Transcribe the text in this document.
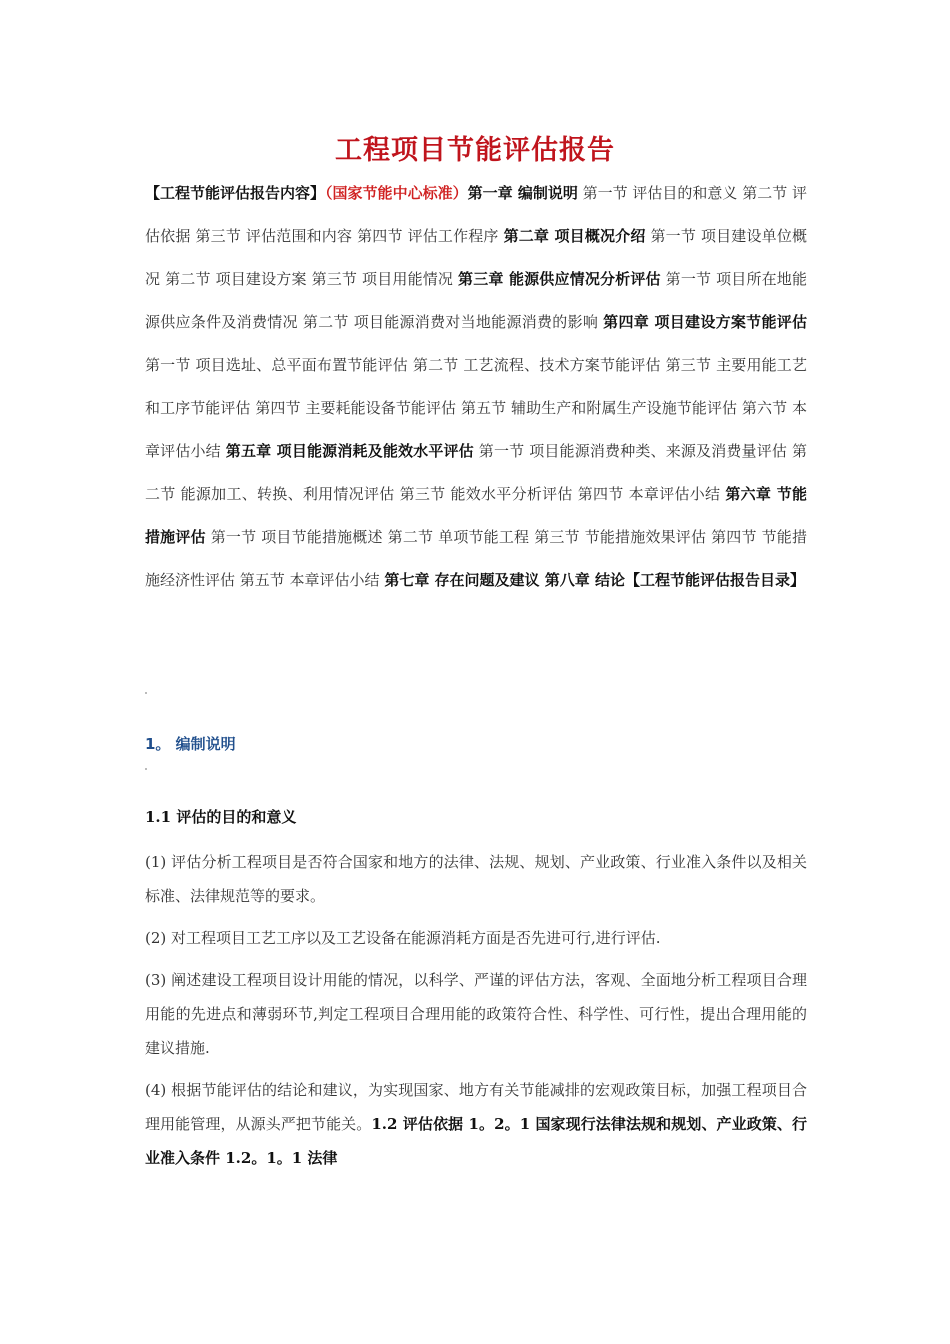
工程项目节能评估报告
【工程节能评估报告内容】（国家节能中心标准）第一章 编制说明 第一节 评估目的和意义 第二节 评估依据 第三节 评估范围和内容 第四节 评估工作程序 第二章 项目概况介绍 第一节 项目建设单位概况 第二节 项目建设方案 第三节 项目用能情况 第三章 能源供应情况分析评估 第一节 项目所在地能源供应条件及消费情况 第二节 项目能源消费对当地能源消费的影响 第四章 项目建设方案节能评估 第一节 项目选址、总平面布置节能评估 第二节 工艺流程、技术方案节能评估 第三节 主要用能工艺和工序节能评估 第四节 主要耗能设备节能评估 第五节 辅助生产和附属生产设施节能评估 第六节 本章评估小结 第五章 项目能源消耗及能效水平评估 第一节 项目能源消费种类、来源及消费量评估 第二节 能源加工、转换、利用情况评估 第三节 能效水平分析评估 第四节 本章评估小结 第六章 节能措施评估 第一节 项目节能措施概述 第二节 单项节能工程 第三节 节能措施效果评估 第四节 节能措施经济性评估 第五节 本章评估小结 第七章 存在问题及建议 第八章 结论【工程节能评估报告目录】
1。 编制说明
1.1 评估的目的和意义

(1) 评估分析工程项目是否符合国家和地方的法律、法规、规划、产业政策、行业准入条件以及相关标准、法律规范等的要求。

(2) 对工程项目工艺工序以及工艺设备在能源消耗方面是否先进可行,进行评估.

(3) 阐述建设工程项目设计用能的情况，以科学、严谨的评估方法，客观、全面地分析工程项目合理用能的先进点和薄弱环节,判定工程项目合理用能的政策符合性、科学性、可行性，提出合理用能的建议措施.

(4) 根据节能评估的结论和建议，为实现国家、地方有关节能减排的宏观政策目标，加强工程项目合理用能管理，从源头严把节能关。1.2 评估依据 1。2。1 国家现行法律法规和规划、产业政策、行业准入条件 1.2。1。1 法律
